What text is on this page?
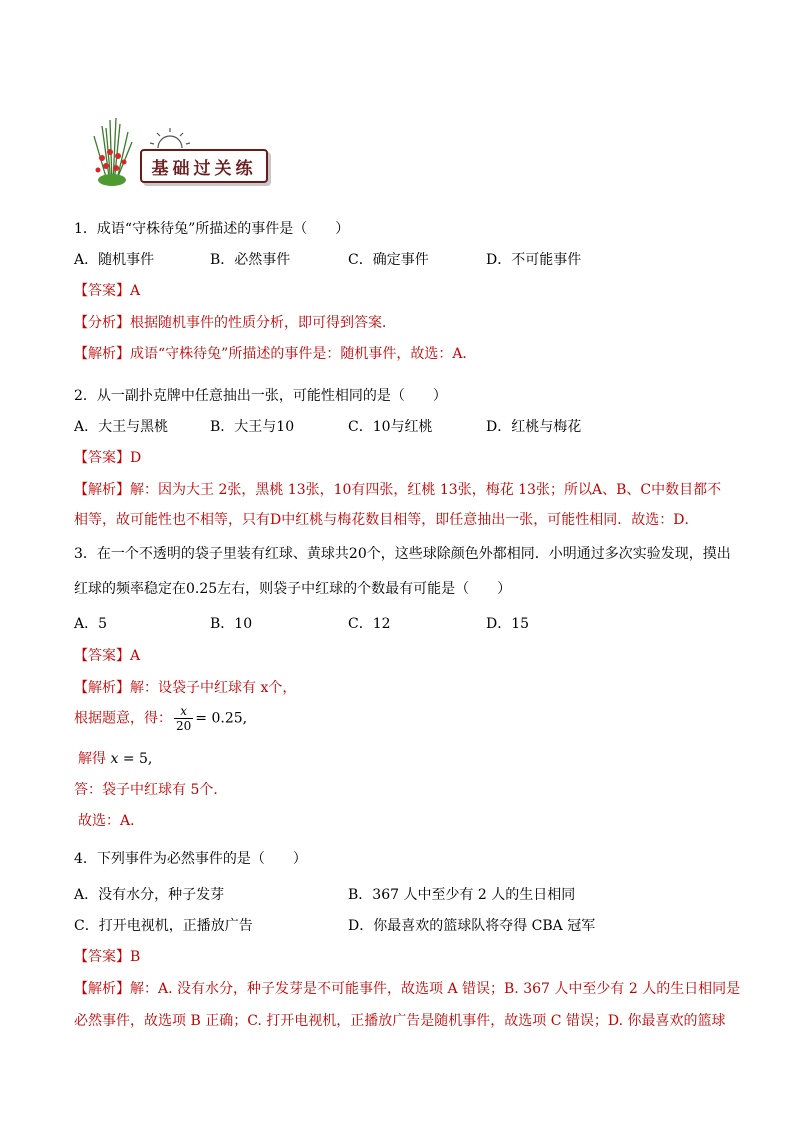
基础过关练
1．成语“守株待兔”所描述的事件是（　　）
A．随机事件	B．必然事件	C．确定事件	D．不可能事件
【答案】A
【分析】根据随机事件的性质分析，即可得到答案．
【解析】成语“守株待兔”所描述的事件是：随机事件，故选：A．
2．从一副扑克牌中任意抽出一张，可能性相同的是（　　）
A．大王与黑桃	B．大王与10	C．10与红桃	D．红桃与梅花
【答案】D
【解析】解：因为大王 2张，黑桃 13张，10有四张，红桃 13张，梅花 13张；所以A、B、C中数目都不
相等，故可能性也不相等，只有D中红桃与梅花数目相等，即任意抽出一张，可能性相同．故选：D．
3．在一个不透明的袋子里装有红球、黄球共20个，这些球除颜色外都相同．小明通过多次实验发现，摸出
红球的频率稳定在0.25左右，则袋子中红球的个数最有可能是（　　）
A．5	B．10	C．12	D．15
【答案】A
【解析】解：设袋子中红球有 x个，
根据题意，得： $\frac{x}{20} = 0.25$,
解得 x = 5,
答：袋子中红球有 5个．
故选：A．
4．下列事件为必然事件的是（　　）
A．没有水分，种子发芽	B．367 人中至少有 2 人的生日相同
C．打开电视机，正播放广告	D．你最喜欢的篮球队将夺得 CBA 冠军
【答案】B
【解析】解：A. 没有水分，种子发芽是不可能事件，故选项 A 错误；B. 367 人中至少有 2 人的生日相同是
必然事件，故选项 B 正确；C. 打开电视机，正播放广告是随机事件，故选项 C 错误；D. 你最喜欢的篮球
